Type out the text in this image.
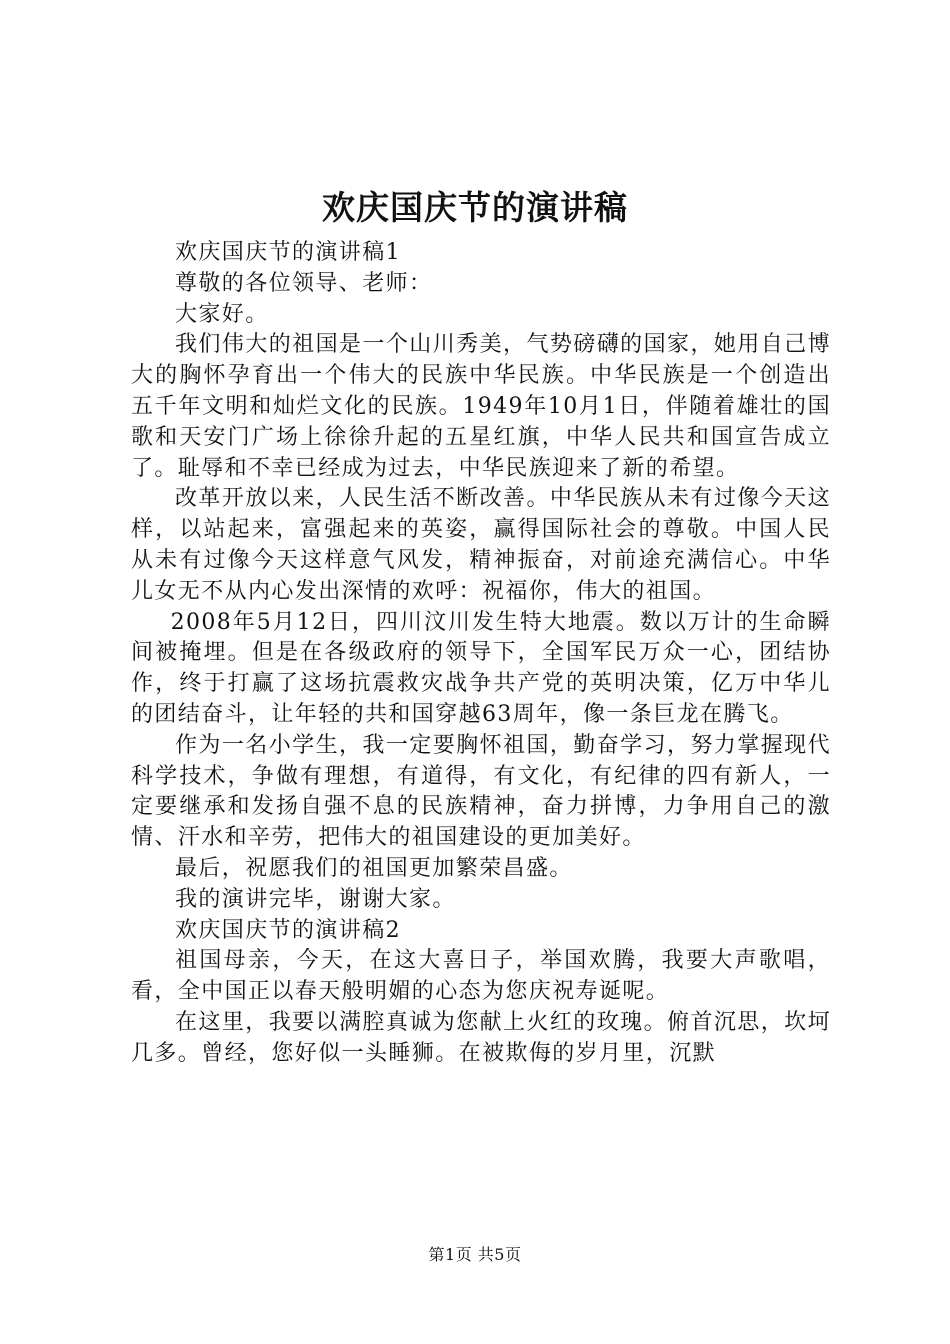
欢庆国庆节的演讲稿

欢庆国庆节的演讲稿1

尊敬的各位领导、老师：

大家好。

我们伟大的祖国是一个山川秀美，气势磅礴的国家，她用自己博大的胸怀孕育出一个伟大的民族中华民族。中华民族是一个创造出五千年文明和灿烂文化的民族。1949年10月1日，伴随着雄壮的国歌和天安门广场上徐徐升起的五星红旗，中华人民共和国宣告成立了。耻辱和不幸已经成为过去，中华民族迎来了新的希望。

改革开放以来，人民生活不断改善。中华民族从未有过像今天这样，以站起来，富强起来的英姿，赢得国际社会的尊敬。中国人民从未有过像今天这样意气风发，精神振奋，对前途充满信心。中华儿女无不从内心发出深情的欢呼：祝福你，伟大的祖国。

2008年5月12日，四川汶川发生特大地震。数以万计的生命瞬间被掩埋。但是在各级政府的领导下，全国军民万众一心，团结协作，终于打赢了这场抗震救灾战争共产党的英明决策，亿万中华儿的团结奋斗，让年轻的共和国穿越63周年，像一条巨龙在腾飞。

作为一名小学生，我一定要胸怀祖国，勤奋学习，努力掌握现代科学技术，争做有理想，有道得，有文化，有纪律的四有新人，一定要继承和发扬自强不息的民族精神，奋力拼博，力争用自己的激情、汗水和辛劳，把伟大的祖国建设的更加美好。

最后，祝愿我们的祖国更加繁荣昌盛。

我的演讲完毕，谢谢大家。

欢庆国庆节的演讲稿2

祖国母亲，今天，在这大喜日子，举国欢腾，我要大声歌唱，看，全中国正以春天般明媚的心态为您庆祝寿诞呢。

在这里，我要以满腔真诚为您献上火红的玫瑰。俯首沉思，坎坷几多。曾经，您好似一头睡狮。在被欺侮的岁月里，沉默

第1页 共5页
